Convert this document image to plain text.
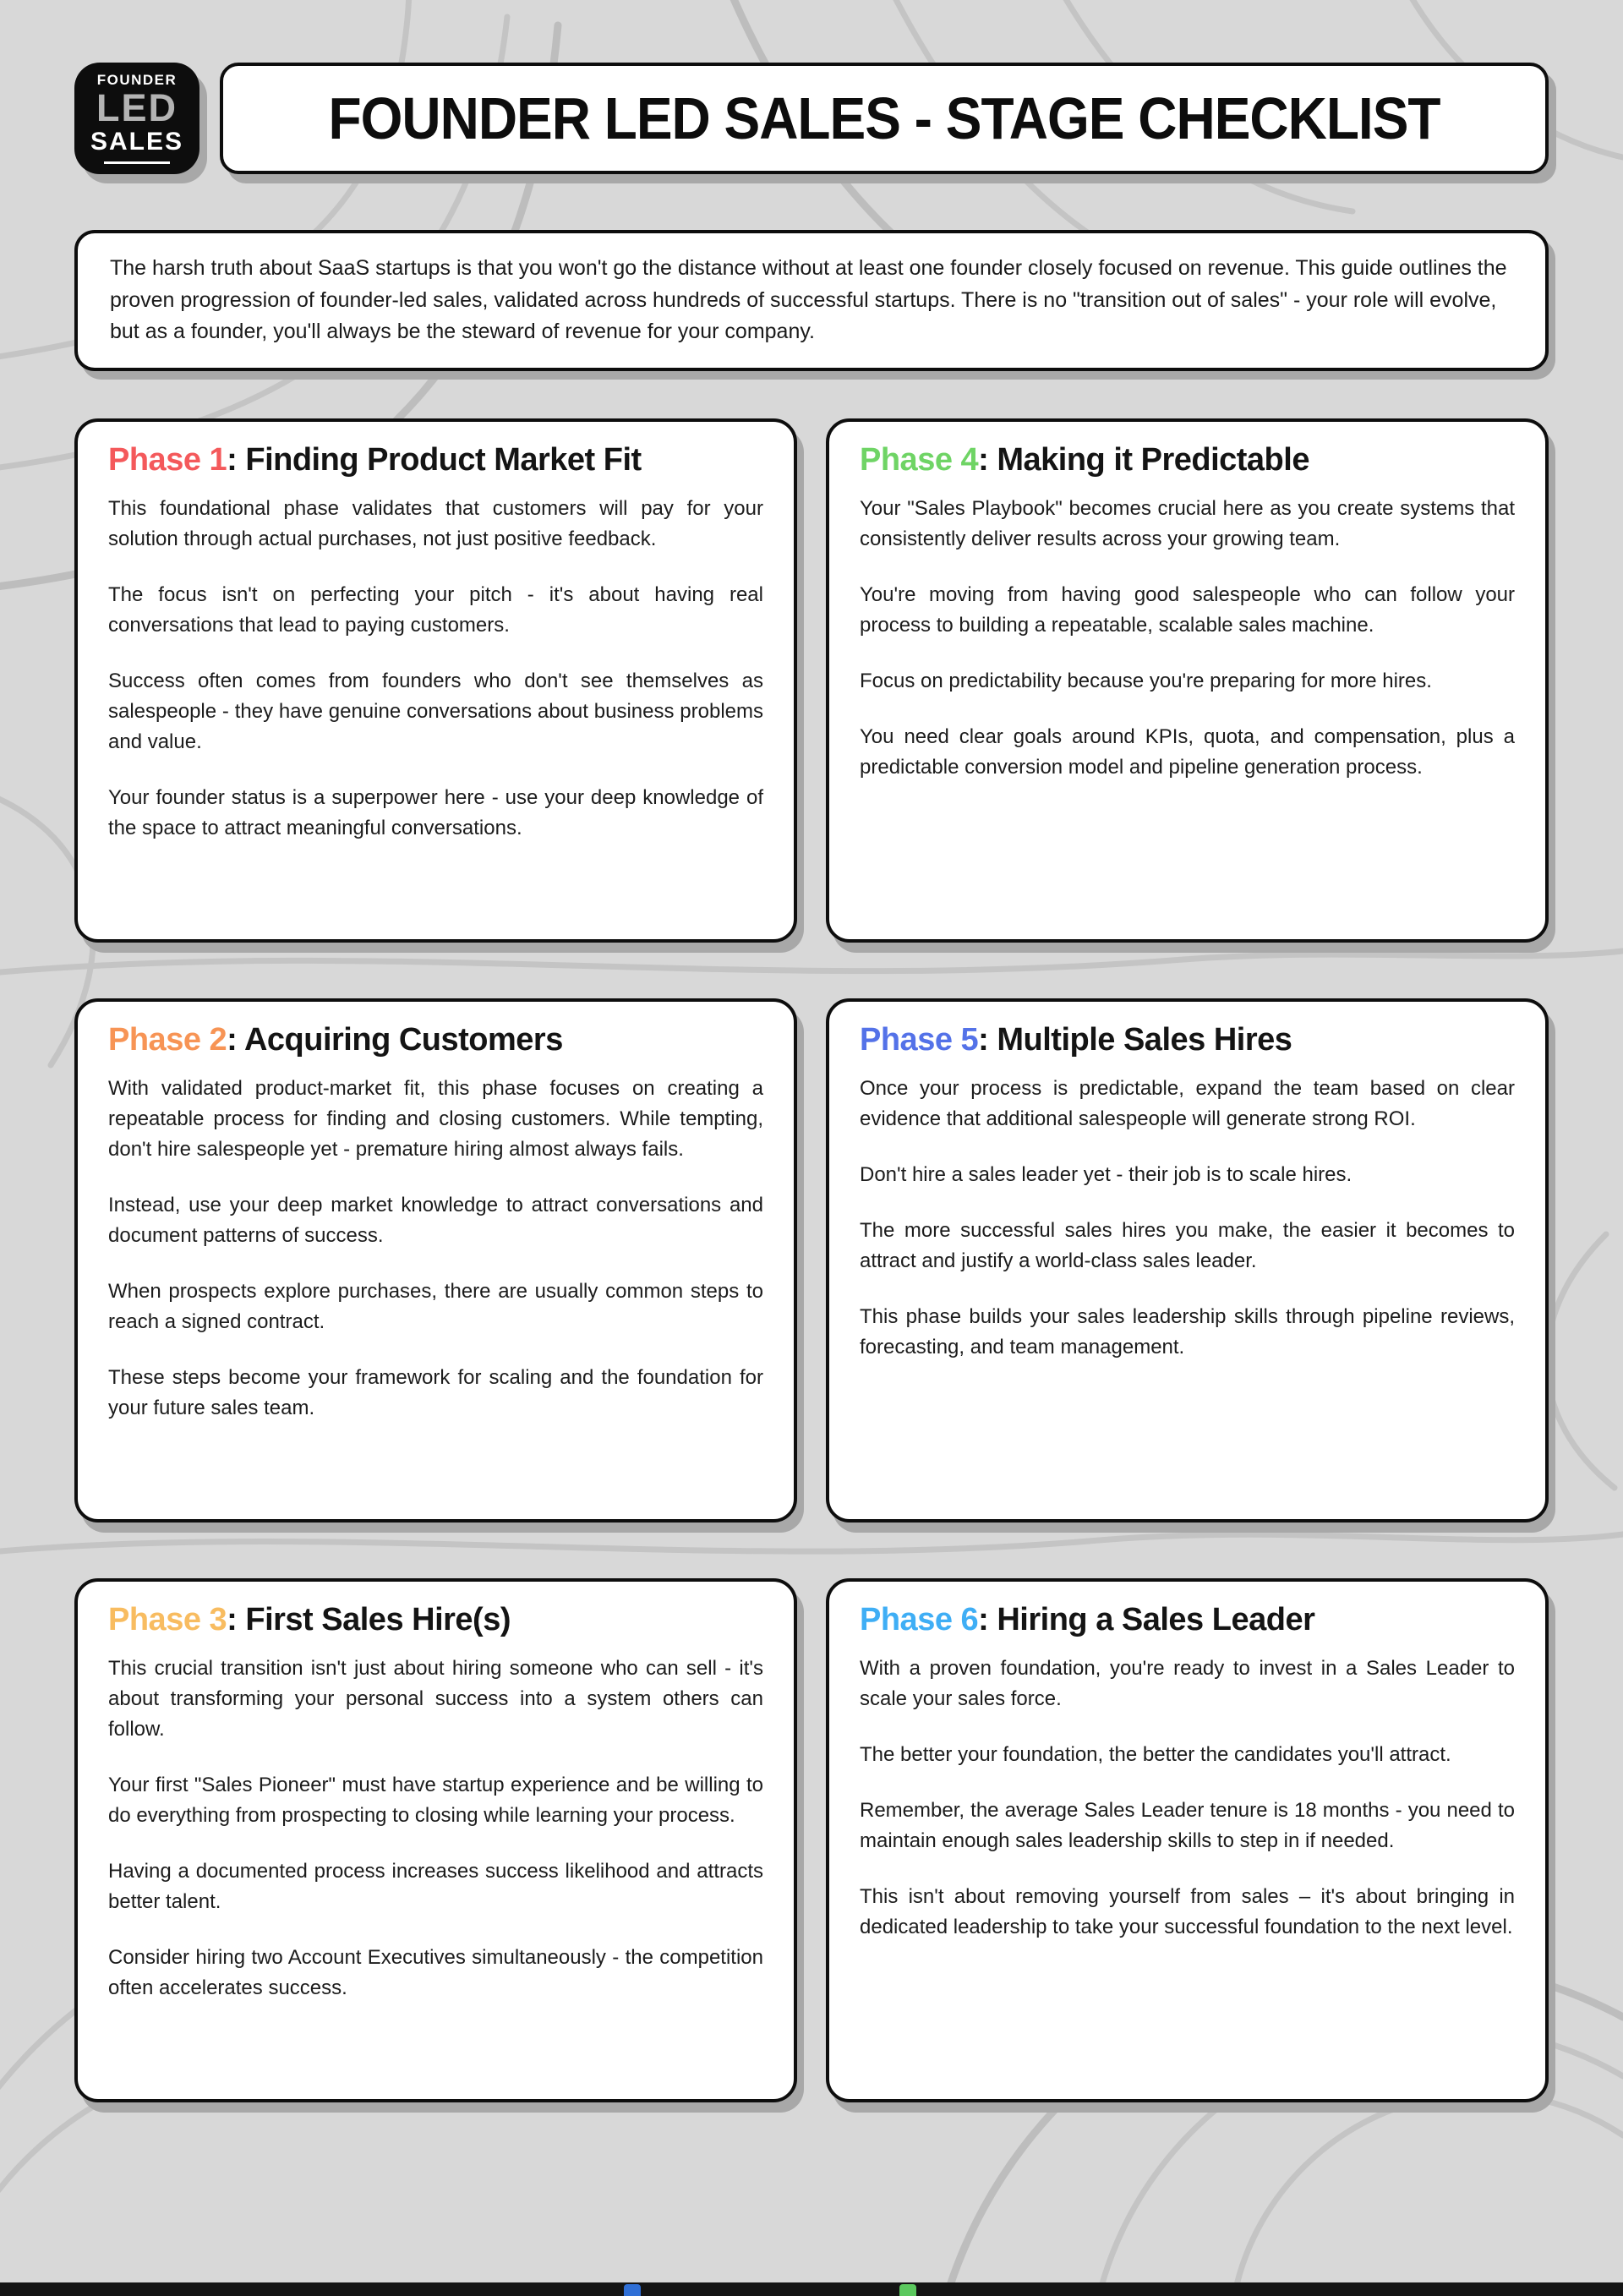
FOUNDER
LED
SALES	FOUNDER LED SALES - STAGE CHECKLIST

The harsh truth about SaaS startups is that you won't go the distance without at least one founder closely focused on revenue. This guide outlines the proven progression of founder-led sales, validated across hundreds of successful startups. There is no "transition out of sales" - your role will evolve, but as a founder, you'll always be the steward of revenue for your company.

Phase 1: Finding Product Market Fit

This foundational phase validates that customers will pay for your solution through actual purchases, not just positive feedback.

The focus isn't on perfecting your pitch - it's about having real conversations that lead to paying customers.

Success often comes from founders who don't see themselves as salespeople - they have genuine conversations about business problems and value.

Your founder status is a superpower here - use your deep knowledge of the space to attract meaningful conversations.

Phase 4: Making it Predictable

Your "Sales Playbook" becomes crucial here as you create systems that consistently deliver results across your growing team.

You're moving from having good salespeople who can follow your process to building a repeatable, scalable sales machine.

Focus on predictability because you're preparing for more hires.

You need clear goals around KPIs, quota, and compensation, plus a predictable conversion model and pipeline generation process.

Phase 2: Acquiring Customers

With validated product-market fit, this phase focuses on creating a repeatable process for finding and closing customers. While tempting, don't hire salespeople yet - premature hiring almost always fails.

Instead, use your deep market knowledge to attract conversations and document patterns of success.

When prospects explore purchases, there are usually common steps to reach a signed contract.

These steps become your framework for scaling and the foundation for your future sales team.

Phase 5: Multiple Sales Hires

Once your process is predictable, expand the team based on clear evidence that additional salespeople will generate strong ROI.

Don't hire a sales leader yet - their job is to scale hires.

The more successful sales hires you make, the easier it becomes to attract and justify a world-class sales leader.

This phase builds your sales leadership skills through pipeline reviews, forecasting, and team management.

Phase 3: First Sales Hire(s)

This crucial transition isn't just about hiring someone who can sell - it's about transforming your personal success into a system others can follow.

Your first "Sales Pioneer" must have startup experience and be willing to do everything from prospecting to closing while learning your process.

Having a documented process increases success likelihood and attracts better talent.

Consider hiring two Account Executives simultaneously - the competition often accelerates success.

Phase 6: Hiring a Sales Leader

With a proven foundation, you're ready to invest in a Sales Leader to scale your sales force.

The better your foundation, the better the candidates you'll attract.

Remember, the average Sales Leader tenure is 18 months - you need to maintain enough sales leadership skills to step in if needed.

This isn't about removing yourself from sales – it's about bringing in dedicated leadership to take your successful foundation to the next level.
